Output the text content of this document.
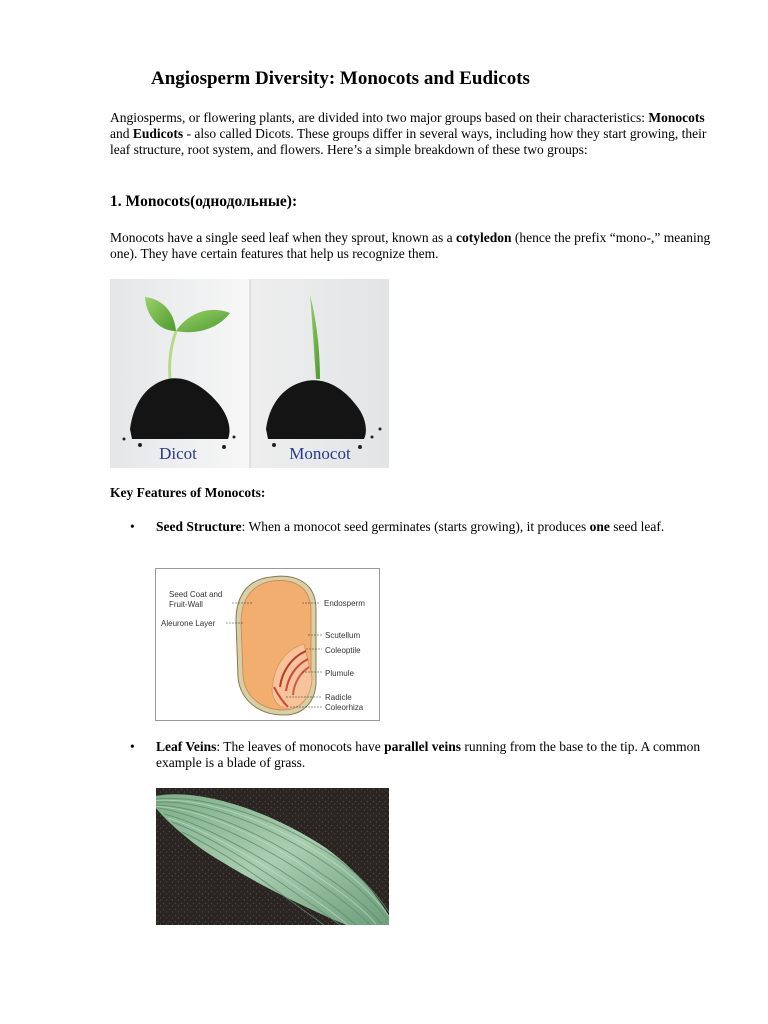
Angiosperm Diversity: Monocots and Eudicots

Angiosperms, or flowering plants, are divided into two major groups based on their characteristics: Monocots and Eudicots - also called Dicots. These groups differ in several ways, including how they start growing, their leaf structure, root system, and flowers. Here’s a simple breakdown of these two groups:

1. Monocots(однодольные):

Monocots have a single seed leaf when they sprout, known as a cotyledon (hence the prefix “mono-,” meaning one). They have certain features that help us recognize them.

Dicot	Monocot

Key Features of Monocots:

• Seed Structure: When a monocot seed germinates (starts growing), it produces one seed leaf.

Seed Coat and
Fruit-Wall
Aleurone Layer
Endosperm
Scutellum
Coleoptile
Plumule
Radicle
Coleorhiza
• Leaf Veins: The leaves of monocots have parallel veins running from the base to the tip. A common example is a blade of grass.
